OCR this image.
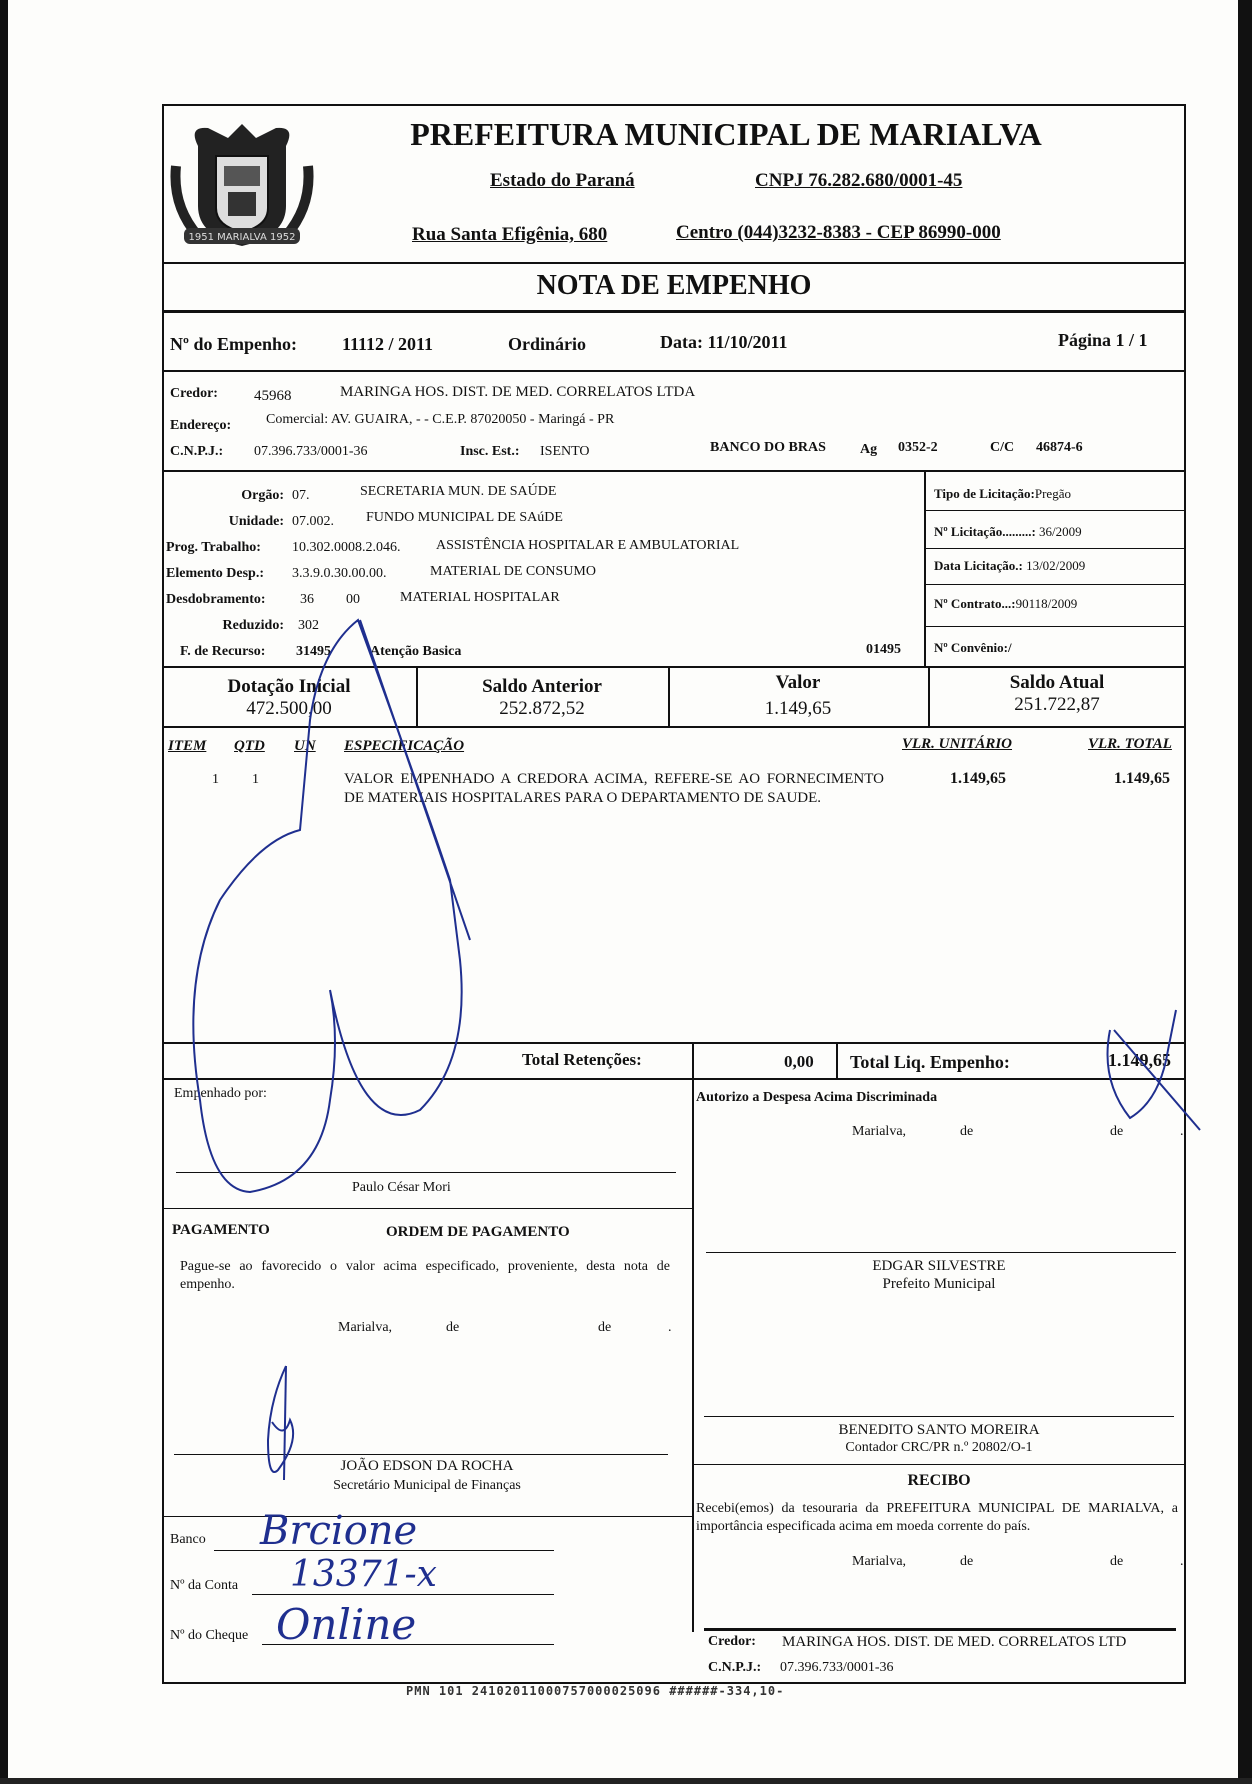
1951 MARIALVA 1952
PREFEITURA MUNICIPAL DE MARIALVA
Estado do Paraná	CNPJ 76.282.680/0001-45
Rua Santa Efigênia, 680	Centro (044)3232-8383 - CEP 86990-000
NOTA DE EMPENHO
Nº do Empenho:	11112 / 2011	Ordinário	Data: 11/10/2011	Página 1 / 1
Credor: 45968	MARINGA HOS. DIST. DE MED. CORRELATOS LTDA
Endereço: Comercial: AV. GUAIRA, - - C.E.P. 87020050 - Maringá - PR
C.N.P.J.: 07.396.733/0001-36	Insc. Est.: ISENTO	BANCO DO BRAS Ag 0352-2	C/C 46874-6
Orgão: 07.	SECRETARIA MUN. DE SAÚDE
Unidade: 07.002. FUNDO MUNICIPAL DE SAúDE
Prog. Trabalho: 10.302.0008.2.046.	ASSISTÊNCIA HOSPITALAR E AMBULATORIAL
Elemento Desp.: 3.3.9.0.30.00.00.	MATERIAL DE CONSUMO
Desdobramento: 36 00	MATERIAL HOSPITALAR
Reduzido: 302
F. de Recurso: 31495	Atenção Basica	01495
Tipo de Licitação:Pregão
Nº Licitação.........: 36/2009
Data Licitação.: 13/02/2009
Nº Contrato...:90118/2009
Nº Convênio:/
Dotação Inicial
472.500,00
Saldo Anterior
252.872,52
Valor
1.149,65
Saldo Atual
251.722,87
ITEM QTD UN ESPECIFICAÇÃO	VLR. UNITÁRIO	VLR. TOTAL
1 1	VALOR EMPENHADO A CREDORA ACIMA, REFERE-SE AO FORNECIMENTO DE MATERIAIS HOSPITALARES PARA O DEPARTAMENTO DE SAUDE.
1.149,65	1.149,65
Total Retenções:	0,00 Total Liq. Empenho:	1.149,65
Empenhado por:
Paulo César Mori
Autorizo a Despesa Acima Discriminada
Marialva,	de	de	.
PAGAMENTO	ORDEM DE PAGAMENTO
Pague-se ao favorecido o valor acima especificado, proveniente, desta nota de empenho.
Marialva,	de	de	.
EDGAR SILVESTRE
Prefeito Municipal
BENEDITO SANTO MOREIRA
Contador CRC/PR n.º 20802/O-1
JOÃO EDSON DA ROCHA
Secretário Municipal de Finanças	RECIBO
Recebi(emos) da tesouraria da PREFEITURA MUNICIPAL DE MARIALVA, a importância especificada acima em moeda corrente do país.
Marialva,	de	de	.
Credor: MARINGA HOS. DIST. DE MED. CORRELATOS LTD
C.N.P.J.: 07.396.733/0001-36
Banco Brcione
Nº da Conta 13371-x
Nº do Cheque Online
PMN 101 24102011000757000025096 ######-334,10-
